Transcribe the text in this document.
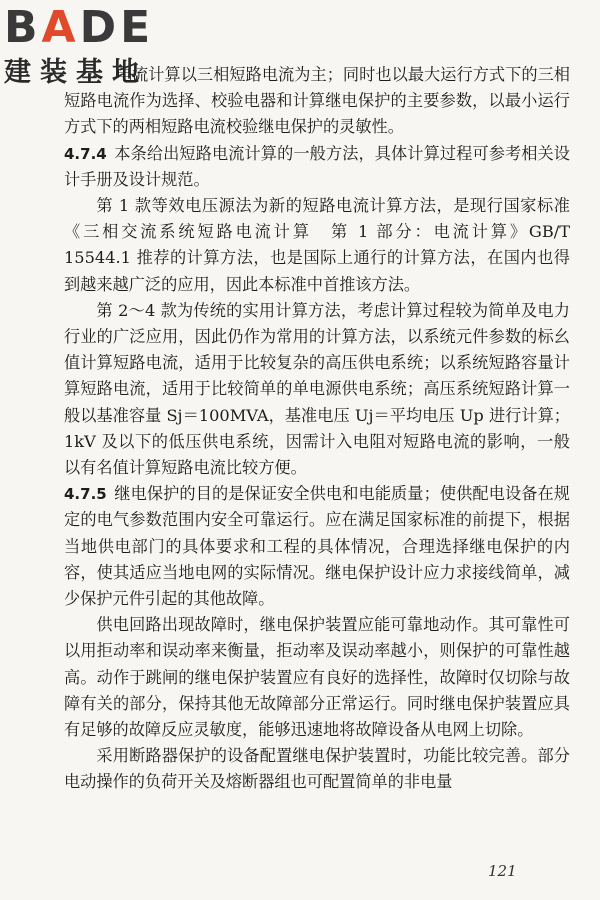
BADE
建装基地

电流计算以三相短路电流为主；同时也以最大运行方式下的三相短路电流作为选择、校验电器和计算继电保护的主要参数，以最小运行方式下的两相短路电流校验继电保护的灵敏性。

4.7.4 本条给出短路电流计算的一般方法，具体计算过程可参考相关设计手册及设计规范。

第 1 款等效电压源法为新的短路电流计算方法，是现行国家标准《三相交流系统短路电流计算　第 1 部分：电流计算》GB/T 15544.1 推荐的计算方法，也是国际上通行的计算方法，在国内也得到越来越广泛的应用，因此本标准中首推该方法。

第 2～4 款为传统的实用计算方法，考虑计算过程较为简单及电力行业的广泛应用，因此仍作为常用的计算方法，以系统元件参数的标幺值计算短路电流，适用于比较复杂的高压供电系统；以系统短路容量计算短路电流，适用于比较简单的单电源供电系统；高压系统短路计算一般以基准容量 Sj＝100MVA，基准电压 Uj＝平均电压 Up 进行计算；1kV 及以下的低压供电系统，因需计入电阻对短路电流的影响，一般以有名值计算短路电流比较方便。

4.7.5 继电保护的目的是保证安全供电和电能质量；使供配电设备在规定的电气参数范围内安全可靠运行。应在满足国家标准的前提下，根据当地供电部门的具体要求和工程的具体情况，合理选择继电保护的内容，使其适应当地电网的实际情况。继电保护设计应力求接线简单，减少保护元件引起的其他故障。

供电回路出现故障时，继电保护装置应能可靠地动作。其可靠性可以用拒动率和误动率来衡量，拒动率及误动率越小，则保护的可靠性越高。动作于跳闸的继电保护装置应有良好的选择性，故障时仅切除与故障有关的部分，保持其他无故障部分正常运行。同时继电保护装置应具有足够的故障反应灵敏度，能够迅速地将故障设备从电网上切除。

采用断路器保护的设备配置继电保护装置时，功能比较完善。部分电动操作的负荷开关及熔断器组也可配置简单的非电量

121
